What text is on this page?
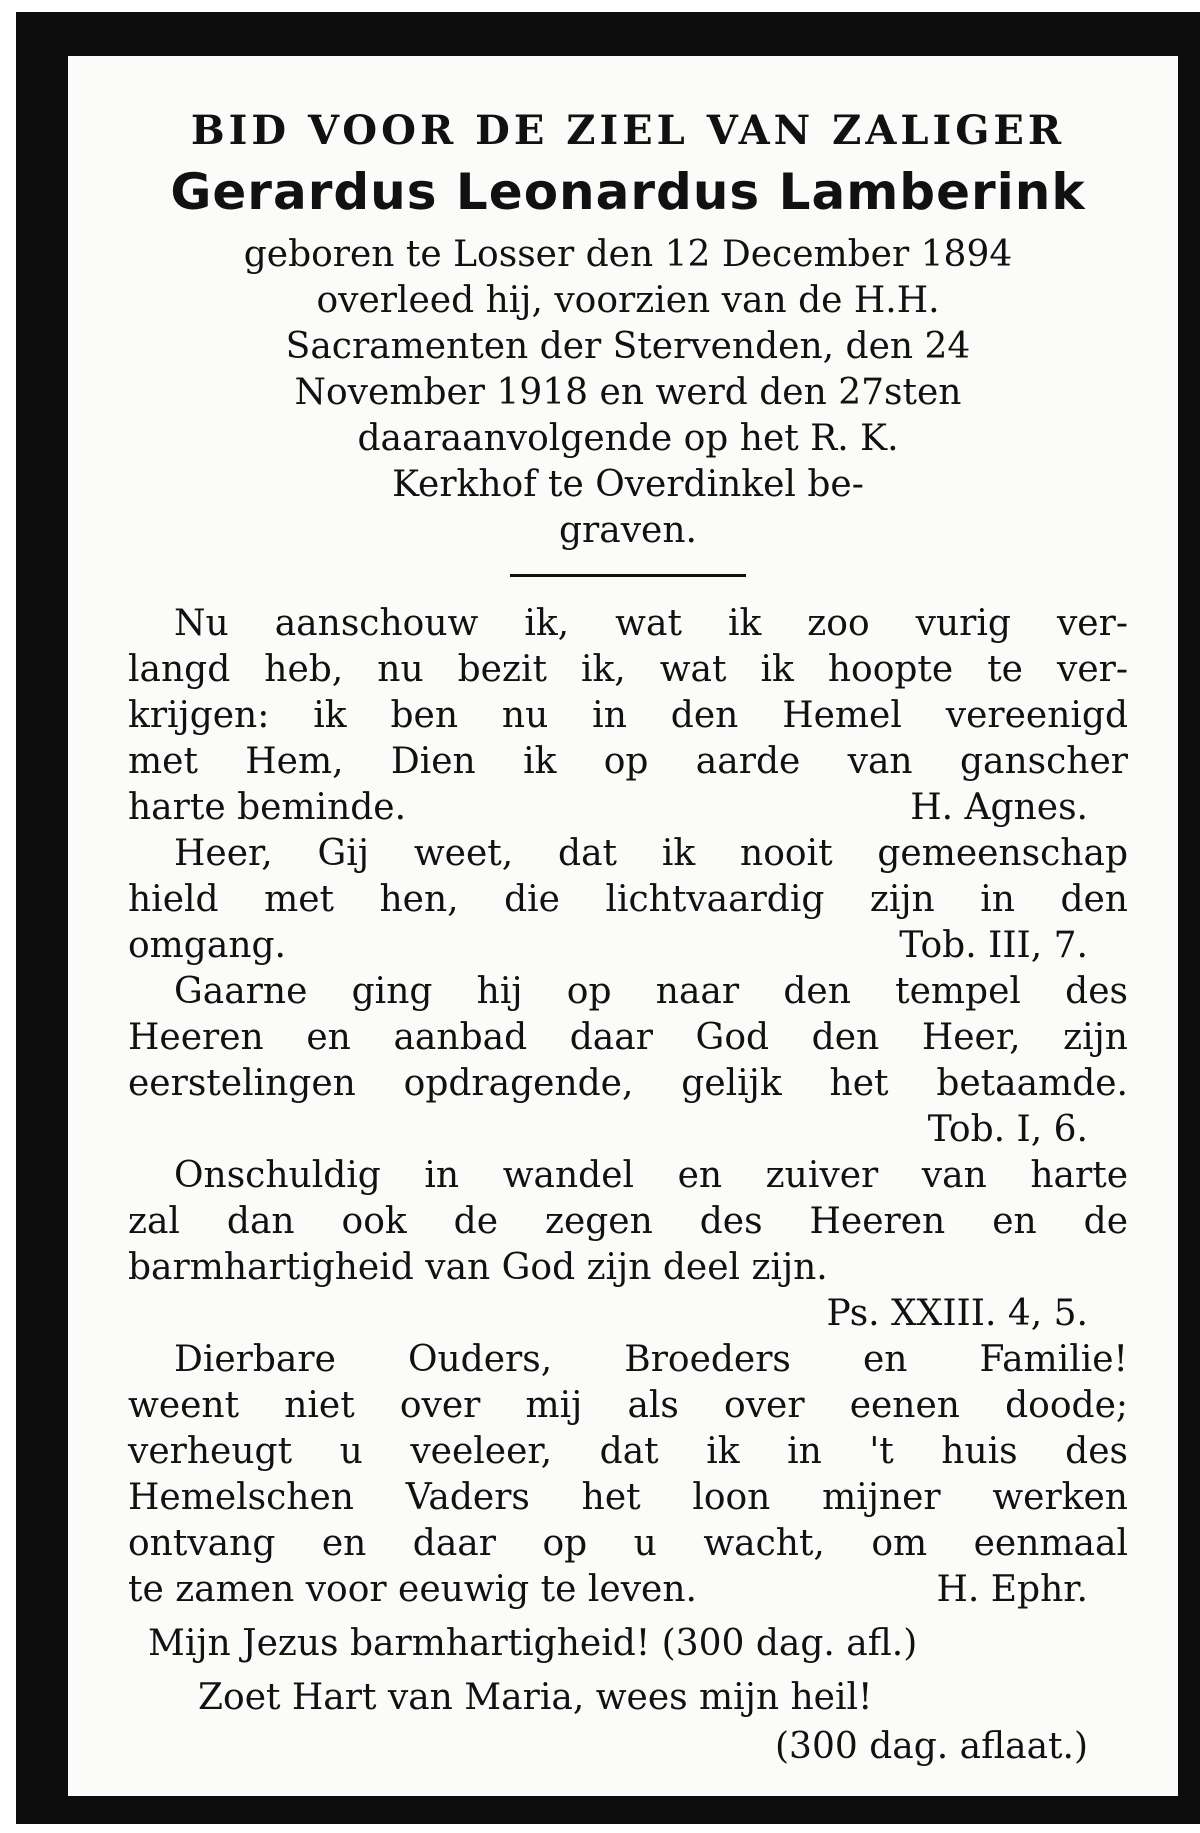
BID VOOR DE ZIEL VAN ZALIGER
Gerardus Leonardus Lamberink

geboren te Losser den 12 December 1894
overleed hij, voorzien van de H.H.
Sacramenten der Stervenden, den 24
November 1918 en werd den 27sten
daaraanvolgende op het R. K.
Kerkhof te Overdinkel be-
graven.

Nu aanschouw ik, wat ik zoo vurig ver-
langd heb, nu bezit ik, wat ik hoopte te ver-
krijgen: ik ben nu in den Hemel vereenigd
met Hem, Dien ik op aarde van ganscher
harte beminde.	H. Agnes.

Heer, Gij weet, dat ik nooit gemeenschap
hield met hen, die lichtvaardig zijn in den
omgang.	Tob. III, 7.

Gaarne ging hij op naar den tempel des
Heeren en aanbad daar God den Heer, zijn
eerstelingen opdragende, gelijk het betaamde.
Tob. I, 6.

Onschuldig in wandel en zuiver van harte
zal dan ook de zegen des Heeren en de
barmhartigheid van God zijn deel zijn.
Ps. XXIII. 4, 5.

Dierbare Ouders, Broeders en Familie!
weent niet over mij als over eenen doode;
verheugt u veeleer, dat ik in 't huis des
Hemelschen Vaders het loon mijner werken
ontvang en daar op u wacht, om eenmaal
te zamen voor eeuwig te leven.	H. Ephr.

Mijn Jezus barmhartigheid! (300 dag. afl.)
Zoet Hart van Maria, wees mijn heil!
(300 dag. aflaat.)
